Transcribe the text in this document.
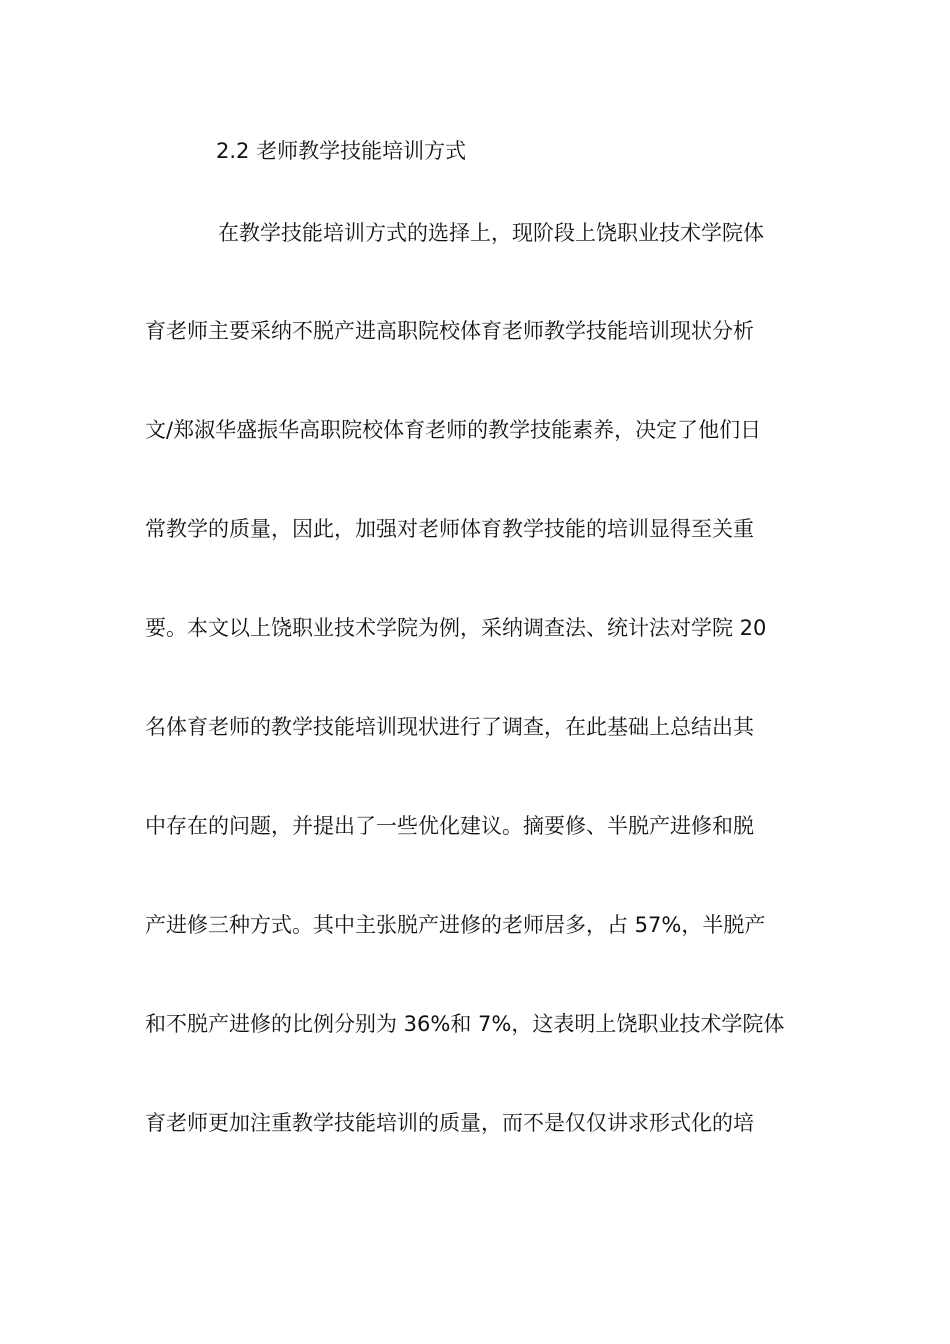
2.2 老师教学技能培训方式
在教学技能培训方式的选择上，现阶段上饶职业技术学院体
育老师主要采纳不脱产进高职院校体育老师教学技能培训现状分析
文/郑淑华盛振华高职院校体育老师的教学技能素养，决定了他们日
常教学的质量，因此，加强对老师体育教学技能的培训显得至关重
要。本文以上饶职业技术学院为例，采纳调查法、统计法对学院 20
名体育老师的教学技能培训现状进行了调查，在此基础上总结出其
中存在的问题，并提出了一些优化建议。摘要修、半脱产进修和脱
产进修三种方式。其中主张脱产进修的老师居多，占 57%，半脱产
和不脱产进修的比例分别为 36%和 7%，这表明上饶职业技术学院体
育老师更加注重教学技能培训的质量，而不是仅仅讲求形式化的培
